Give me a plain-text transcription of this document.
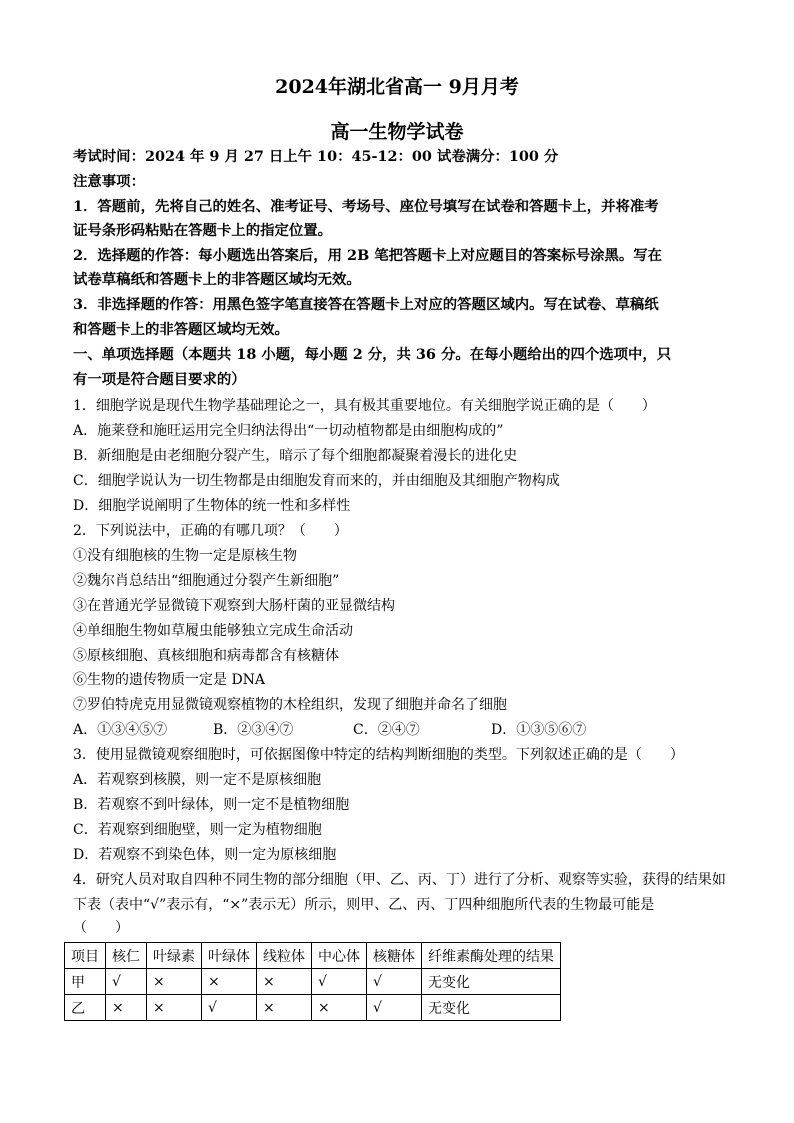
2024年湖北省高一 9月月考
高一生物学试卷
考试时间：2024 年 9 月 27 日上午 10：45-12：00 试卷满分：100 分
注意事项：
1．答题前，先将自己的姓名、准考证号、考场号、座位号填写在试卷和答题卡上，并将准考
证号条形码粘贴在答题卡上的指定位置。
2．选择题的作答：每小题选出答案后，用 2B 笔把答题卡上对应题目的答案标号涂黑。写在
试卷草稿纸和答题卡上的非答题区域均无效。
3．非选择题的作答：用黑色签字笔直接答在答题卡上对应的答题区域内。写在试卷、草稿纸
和答题卡上的非答题区域均无效。
一、单项选择题（本题共 18 小题，每小题 2 分，共 36 分。在每小题给出的四个选项中，只
有一项是符合题目要求的）
1．细胞学说是现代生物学基础理论之一，具有极其重要地位。有关细胞学说正确的是（　　）
A．施莱登和施旺运用完全归纳法得出“一切动植物都是由细胞构成的”
B．新细胞是由老细胞分裂产生，暗示了每个细胞都凝聚着漫长的进化史
C．细胞学说认为一切生物都是由细胞发育而来的，并由细胞及其细胞产物构成
D．细胞学说阐明了生物体的统一性和多样性
2．下列说法中，正确的有哪几项？（　　）
①没有细胞核的生物一定是原核生物
②魏尔肖总结出“细胞通过分裂产生新细胞”
③在普通光学显微镜下观察到大肠杆菌的亚显微结构
④单细胞生物如草履虫能够独立完成生命活动
⑤原核细胞、真核细胞和病毒都含有核糖体
⑥生物的遗传物质一定是 DNA
⑦罗伯特虎克用显微镜观察植物的木栓组织，发现了细胞并命名了细胞
A．①③④⑤⑦	B．②③④⑦	C．②④⑦	D．①③⑤⑥⑦
3．使用显微镜观察细胞时，可依据图像中特定的结构判断细胞的类型。下列叙述正确的是（　　）
A．若观察到核膜，则一定不是原核细胞
B．若观察不到叶绿体，则一定不是植物细胞
C．若观察到细胞壁，则一定为植物细胞
D．若观察不到染色体，则一定为原核细胞
4．研究人员对取自四种不同生物的部分细胞（甲、乙、丙、丁）进行了分析、观察等实验，获得的结果如
下表（表中“√”表示有，“×”表示无）所示，则甲、乙、丙、丁四种细胞所代表的生物最可能是
（　　）
项目	核仁	叶绿素	叶绿体	线粒体	中心体	核糖体	纤维素酶处理的结果
甲	√	×	×	×	√	√	无变化
乙	×	×	√	×	×	√	无变化
